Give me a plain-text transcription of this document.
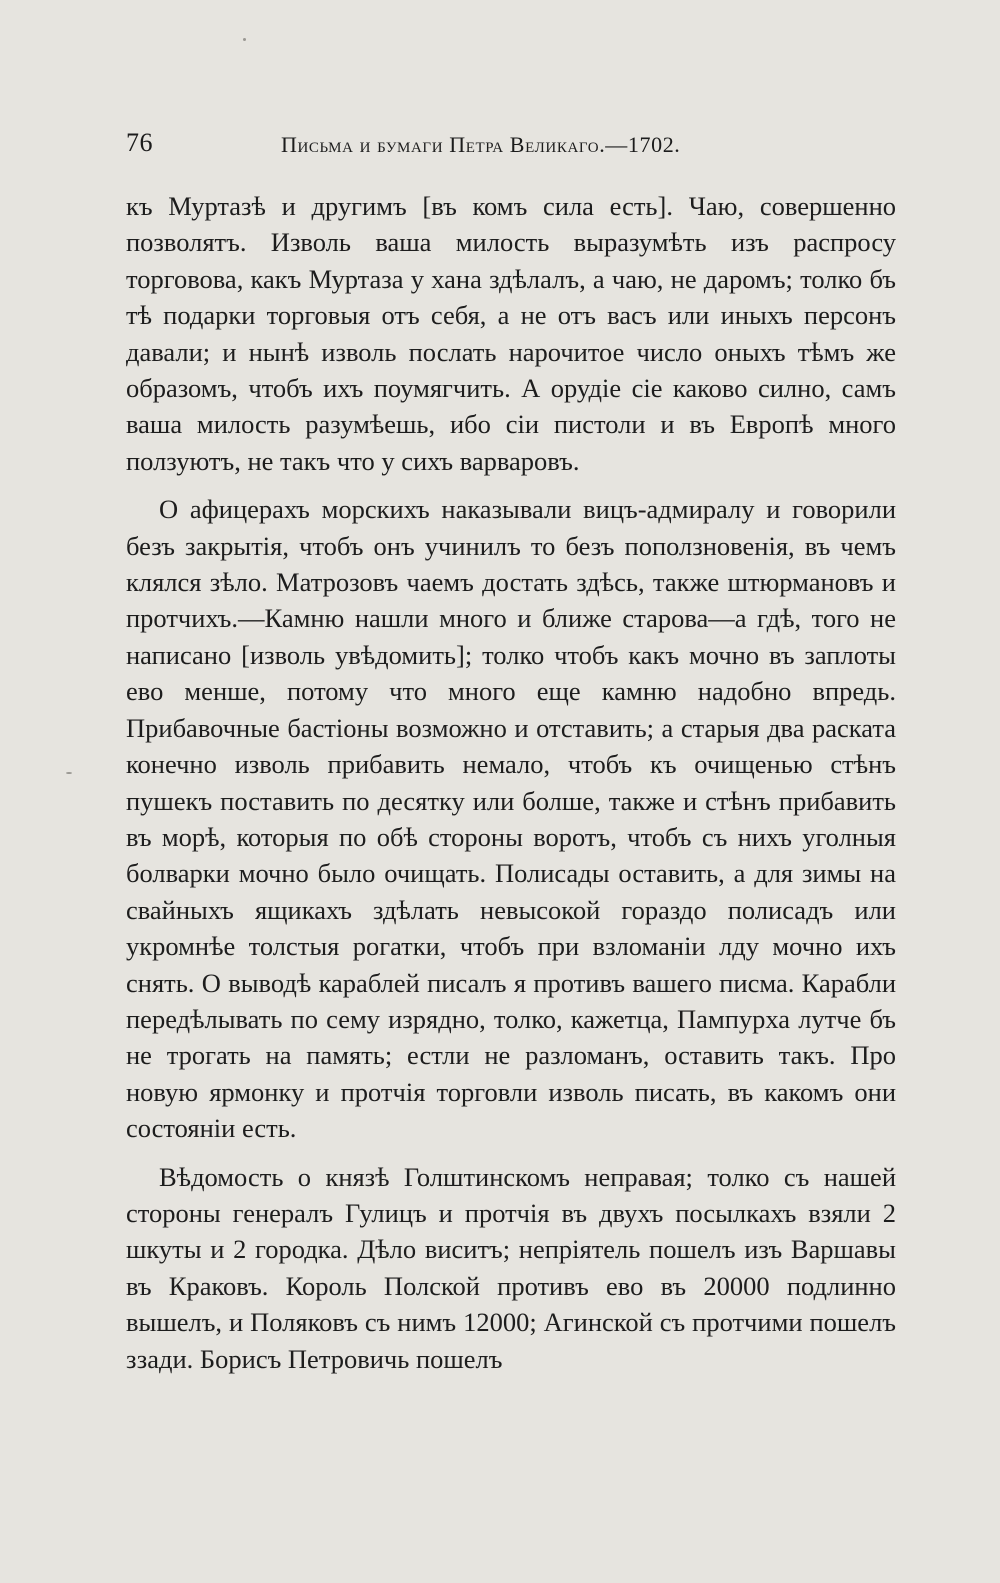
76	Письма и бумаги Петра Великаго.—1702.

къ Муртазѣ и другимъ [въ комъ сила есть]. Чаю, совершенно позволятъ. Изволь ваша милость выразумѣть изъ распросу торговова, какъ Муртаза у хана здѣлалъ, а чаю, не даромъ; толко бъ тѣ подарки торговыя отъ себя, а не отъ васъ или иныхъ персонъ давали; и нынѣ изволь послать нарочитое число оныхъ тѣмъ же образомъ, чтобъ ихъ поумягчить. А орудіе сіе каково силно, самъ ваша милость разумѣешь, ибо сіи пистоли и въ Европѣ много ползуютъ, не такъ что у сихъ варваровъ.

О афицерахъ морскихъ наказывали вицъ-адмиралу и говорили безъ закрытія, чтобъ онъ учинилъ то безъ поползновенія, въ чемъ клялся зѣло. Матрозовъ чаемъ достать здѣсь, также штюрмановъ и протчихъ.—Камню нашли много и ближе старова—а гдѣ, того не написано [изволь увѣдомить]; толко чтобъ какъ мочно въ заплоты ево менше, потому что много еще камню надобно впредь. Прибавочные бастіоны возможно и отставить; а старыя два раската конечно изволь прибавить немало, чтобъ къ очищенью стѣнъ пушекъ поставить по десятку или болше, также и стѣнъ прибавить въ морѣ, которыя по обѣ стороны воротъ, чтобъ съ нихъ уголныя болварки мочно было очищать. Полисады оставить, а для зимы на свайныхъ ящикахъ здѣлать невысокой гораздо полисадъ или укромнѣе толстыя рогатки, чтобъ при взломаніи лду мочно ихъ снять. О выводѣ караблей писалъ я противъ вашего писма. Карабли передѣлывать по сему изрядно, толко, кажетца, Пампурха лутче бъ не трогать на память; естли не разломанъ, оставить такъ. Про новую ярмонку и протчія торговли изволь писать, въ какомъ они состояніи есть.

Вѣдомость о князѣ Голштинскомъ неправая; толко съ нашей стороны генералъ Гулицъ и протчія въ двухъ посылкахъ взяли 2 шкуты и 2 городка. Дѣло виситъ; непріятель пошелъ изъ Варшавы въ Краковъ. Король Полской противъ ево въ 20000 подлинно вышелъ, и Поляковъ съ нимъ 12000; Агинской съ протчими пошелъ ззади. Борисъ Петровичь пошелъ
